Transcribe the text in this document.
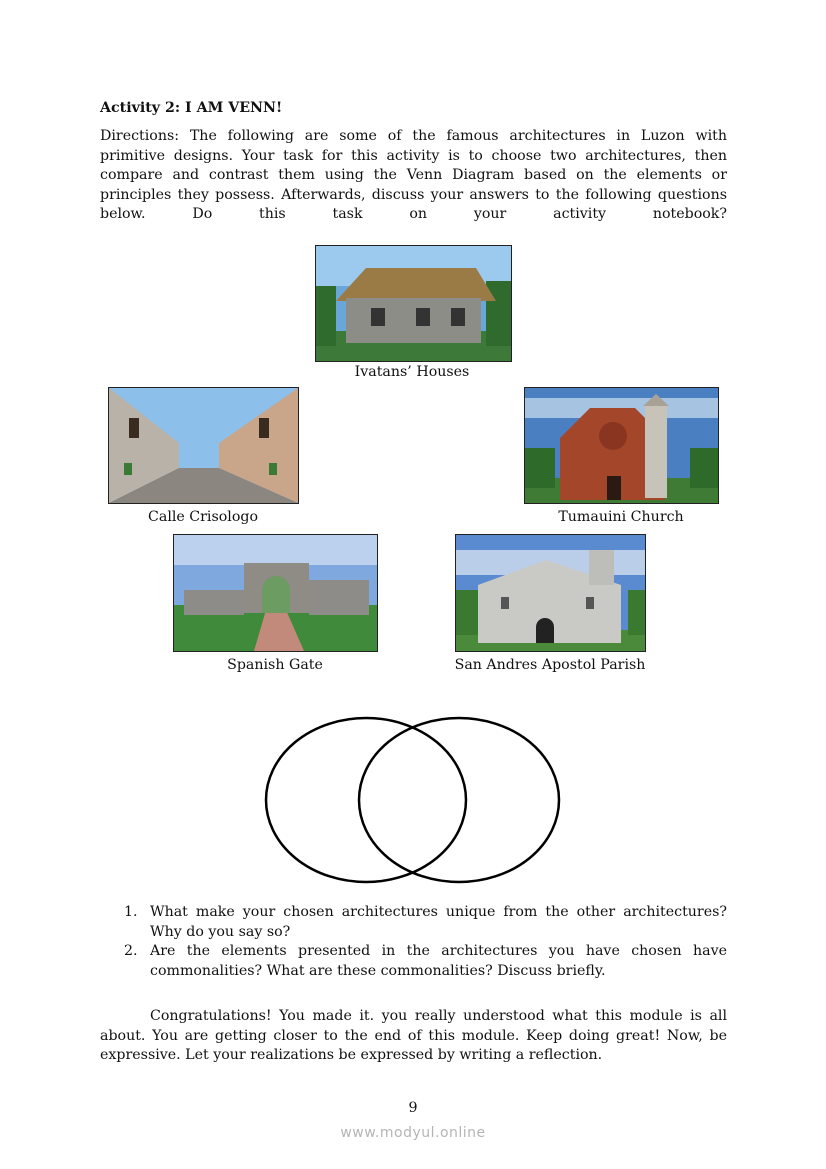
Activity 2: I AM VENN!
Directions: The following are some of the famous architectures in Luzon with primitive designs. Your task for this activity is to choose two architectures, then compare and contrast them using the Venn Diagram based on the elements or principles they possess. Afterwards, discuss your answers to the following questions below. Do this task on your activity notebook?
Ivatans’ Houses
Calle Crisologo	Tumauini Church
Spanish Gate	San Andres Apostol Parish
1. What make your chosen architectures unique from the other architectures? Why do you say so?
2. Are the elements presented in the architectures you have chosen have commonalities? What are these commonalities? Discuss briefly.
Congratulations! You made it. you really understood what this module is all about. You are getting closer to the end of this module. Keep doing great! Now, be expressive. Let your realizations be expressed by writing a reflection.
9
www.modyul.online
